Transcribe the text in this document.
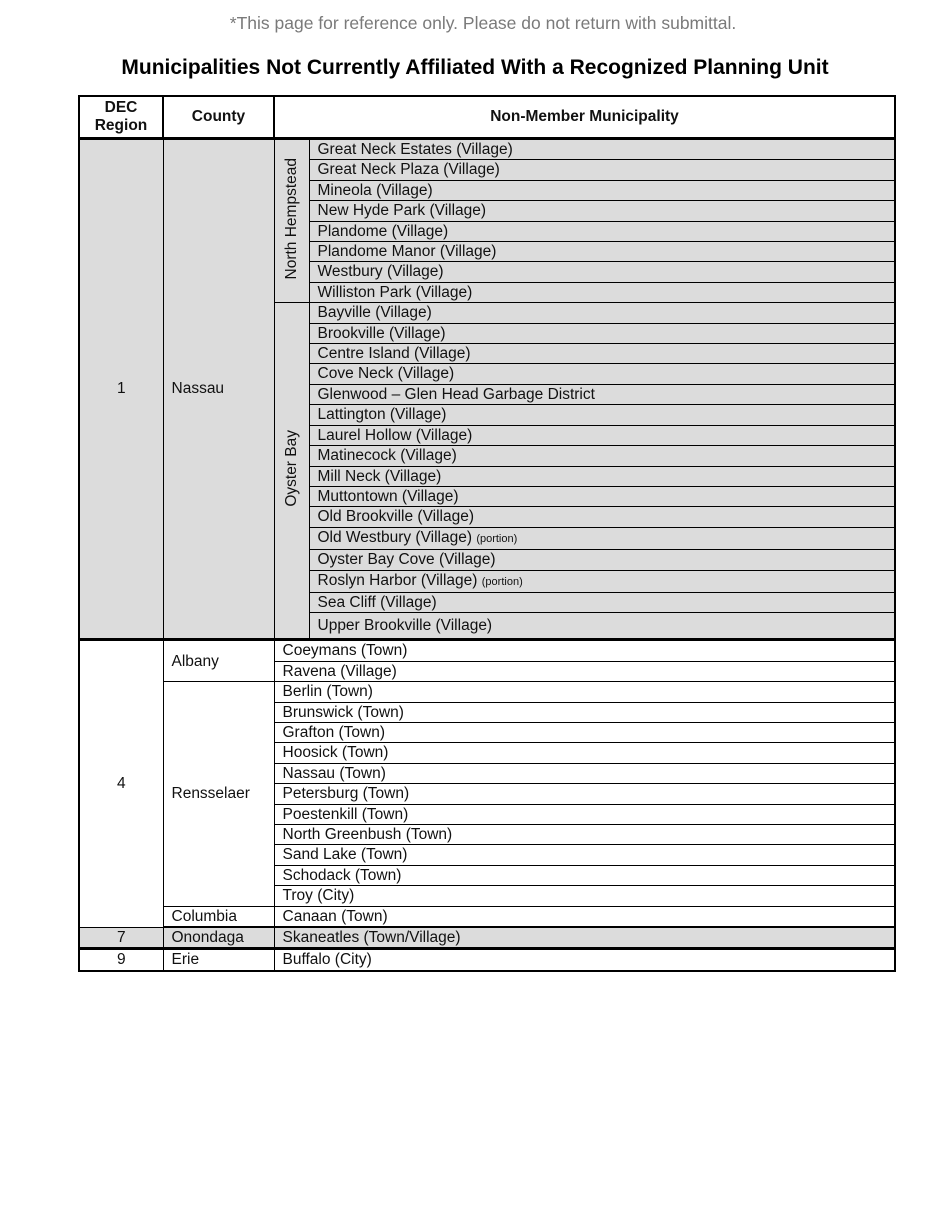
*This page for reference only. Please do not return with submittal.
Municipalities Not Currently Affiliated With a Recognized Planning Unit
DEC
Region	County	Non-Member Municipality	
1	Nassau	North Hempstead	Great Neck Estates (Village)
			Great Neck Plaza (Village)
			Mineola (Village)
			New Hyde Park (Village)
			Plandome (Village)
			Plandome Manor (Village)
			Westbury (Village)
			Williston Park (Village)
		Oyster Bay	Bayville (Village)
			Brookville (Village)
			Centre Island (Village)
			Cove Neck (Village)
			Glenwood – Glen Head Garbage District
			Lattington (Village)
			Laurel Hollow (Village)
			Matinecock (Village)
			Mill Neck (Village)
			Muttontown (Village)
			Old Brookville (Village)
			Old Westbury (Village) (portion)
			Oyster Bay Cove (Village)
			Roslyn Harbor (Village) (portion)
			Sea Cliff (Village)
			Upper Brookville (Village)
4	Albany	Coeymans (Town)	
		Ravena (Village)	
	Rensselaer	Berlin (Town)	
		Brunswick (Town)	
		Grafton (Town)	
		Hoosick (Town)	
		Nassau (Town)	
		Petersburg (Town)	
		Poestenkill (Town)	
		North Greenbush (Town)	
		Sand Lake (Town)	
		Schodack (Town)	
		Troy (City)	
	Columbia	Canaan (Town)	
7	Onondaga	Skaneatles (Town/Village)	
9	Erie	Buffalo (City)	
